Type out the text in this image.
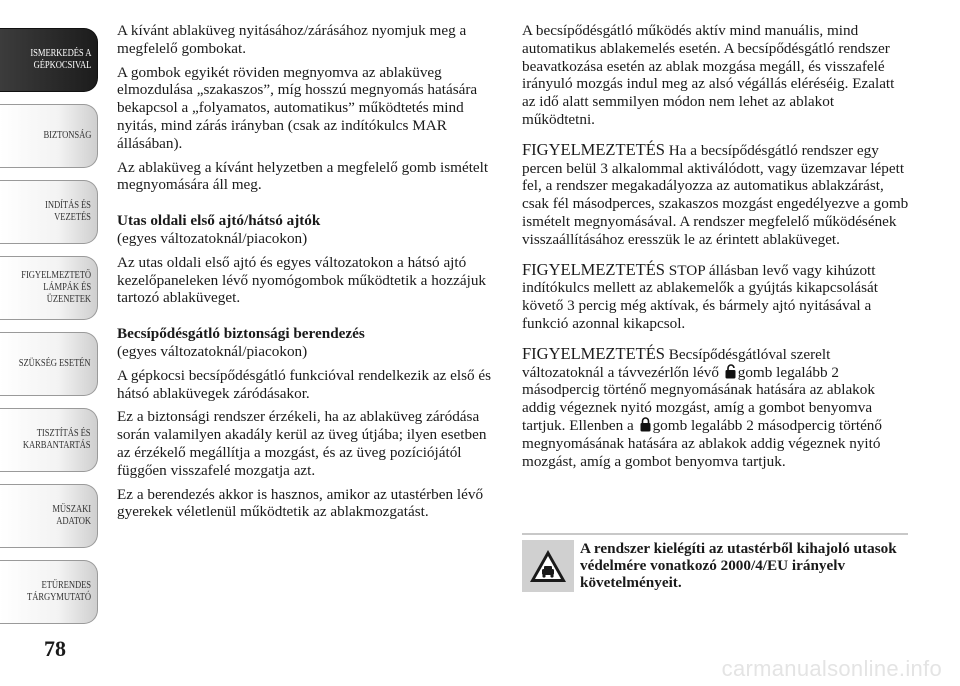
ISMERKEDÉS A
GÉPKOCSIVAL
BIZTONSÁG
INDÍTÁS ÉS
VEZETÉS
FIGYELMEZTETŐ
LÁMPÁK ÉS
ÜZENETEK
SZÜKSÉG ESETÉN
TISZTÍTÁS ÉS
KARBANTARTÁS
MŰSZAKI ADATOK
ETŰRENDES
TÁRGYMUTATÓ
78

A kívánt ablaküveg nyitásához/zárásához nyomjuk meg a megfelelő gombokat.

A gombok egyikét röviden megnyomva az ablaküveg elmozdulása „szakaszos”, míg hosszú megnyomás hatására bekapcsol a „folyamatos, automatikus” működtetés mind nyitás, mind zárás irányban (csak az indítókulcs MAR állásában).

Az ablaküveg a kívánt helyzetben a megfelelő gomb ismételt megnyomására áll meg.

Utas oldali első ajtó/hátsó ajtók

(egyes változatoknál/piacokon)

Az utas oldali első ajtó és egyes változatokon a hátsó ajtó kezelőpaneleken lévő nyomógombok működtetik a hozzájuk tartozó ablaküveget.

Becsípődésgátló biztonsági berendezés

(egyes változatoknál/piacokon)

A gépkocsi becsípődésgátló funkcióval rendelkezik az első és hátsó ablaküvegek záródásakor.

Ez a biztonsági rendszer érzékeli, ha az ablaküveg záródása során valamilyen akadály kerül az üveg útjába; ilyen esetben az érzékelő megállítja a mozgást, és az üveg pozíciójától függően visszafelé mozgatja azt.

Ez a berendezés akkor is hasznos, amikor az utastérben lévő gyerekek véletlenül működtetik az ablakmozgatást.

A becsípődésgátló működés aktív mind manuális, mind automatikus ablakemelés esetén. A becsípődésgátló rendszer beavatkozása esetén az ablak mozgása megáll, és visszafelé irányuló mozgás indul meg az alsó végállás eléréséig. Ezalatt az idő alatt semmilyen módon nem lehet az ablakot működtetni.

FIGYELMEZTETÉS Ha a becsípődésgátló rendszer egy percen belül 3 alkalommal aktiválódott, vagy üzemzavar lépett fel, a rendszer megakadályozza az automatikus ablakzárást, csak fél másodperces, szakaszos mozgást engedélyezve a gomb ismételt megnyomásával. A rendszer megfelelő működésének visszaállításához eresszük le az érintett ablaküveget.

FIGYELMEZTETÉS STOP állásban levő vagy kihúzott indítókulcs mellett az ablakemelők a gyújtás kikapcsolását követő 3 percig még aktívak, és bármely ajtó nyitásával a funkció azonnal kikapcsol.

FIGYELMEZTETÉS Becsípődésgátlóval szerelt változatoknál a távvezérlőn lévő gomb legalább 2 másodpercig történő megnyomásának hatására az ablakok addig végeznek nyitó mozgást, amíg a gombot benyomva tartjuk. Ellenben a gomb legalább 2 másodpercig történő megnyomásának hatására az ablakok addig végeznek nyitó mozgást, amíg a gombot benyomva tartjuk.

A rendszer kielégíti az utastérből kihajoló utasok védelmére vonatkozó 2000/4/EU irányelv követelményeit.
carmanualsonline.info
